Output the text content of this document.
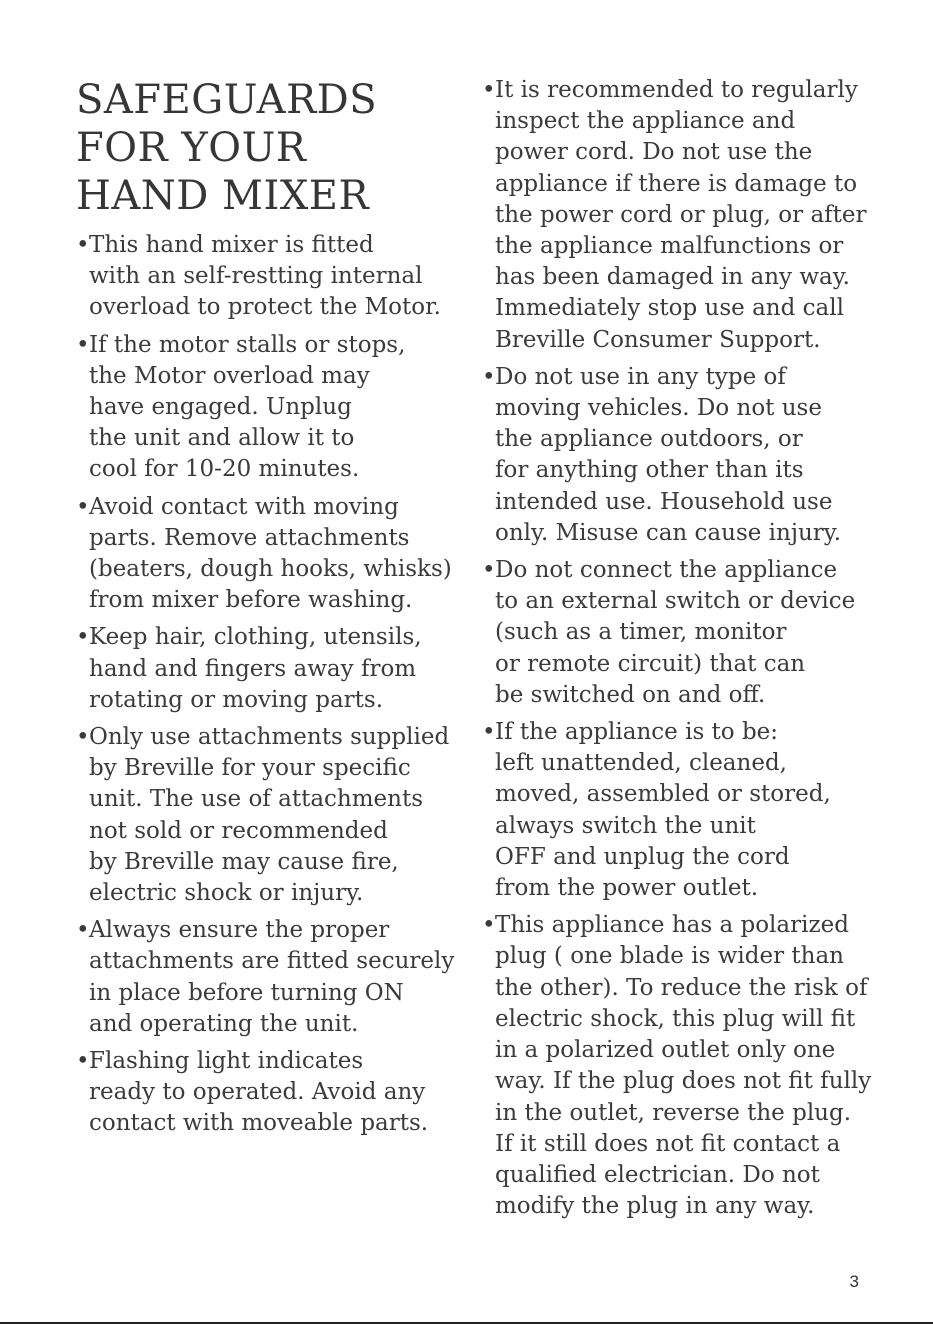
SAFEGUARDS
FOR YOUR
HAND MIXER
• This hand mixer is fitted
with an self-restting internal
overload to protect the Motor.
• If the motor stalls or stops,
the Motor overload may
have engaged. Unplug
the unit and allow it to
cool for 10-20 minutes.
• Avoid contact with moving
parts. Remove attachments
(beaters, dough hooks, whisks)
from mixer before washing.
• Keep hair, clothing, utensils,
hand and fingers away from
rotating or moving parts.
• Only use attachments supplied
by Breville for your specific
unit. The use of attachments
not sold or recommended
by Breville may cause fire,
electric shock or injury.
• Always ensure the proper
attachments are fitted securely
in place before turning ON
and operating the unit.
• Flashing light indicates
ready to operated. Avoid any
contact with moveable parts.
• It is recommended to regularly
inspect the appliance and
power cord. Do not use the
appliance if there is damage to
the power cord or plug, or after
the appliance malfunctions or
has been damaged in any way.
Immediately stop use and call
Breville Consumer Support.
• Do not use in any type of
moving vehicles. Do not use
the appliance outdoors, or
for anything other than its
intended use. Household use
only. Misuse can cause injury.
• Do not connect the appliance
to an external switch or device
(such as a timer, monitor
or remote circuit) that can
be switched on and off.
• If the appliance is to be:
left unattended, cleaned,
moved, assembled or stored,
always switch the unit
OFF and unplug the cord
from the power outlet.
• This appliance has a polarized
plug ( one blade is wider than
the other). To reduce the risk of
electric shock, this plug will fit
in a polarized outlet only one
way. If the plug does not fit fully
in the outlet, reverse the plug.
If it still does not fit contact a
qualified electrician. Do not
modify the plug in any way.
3
